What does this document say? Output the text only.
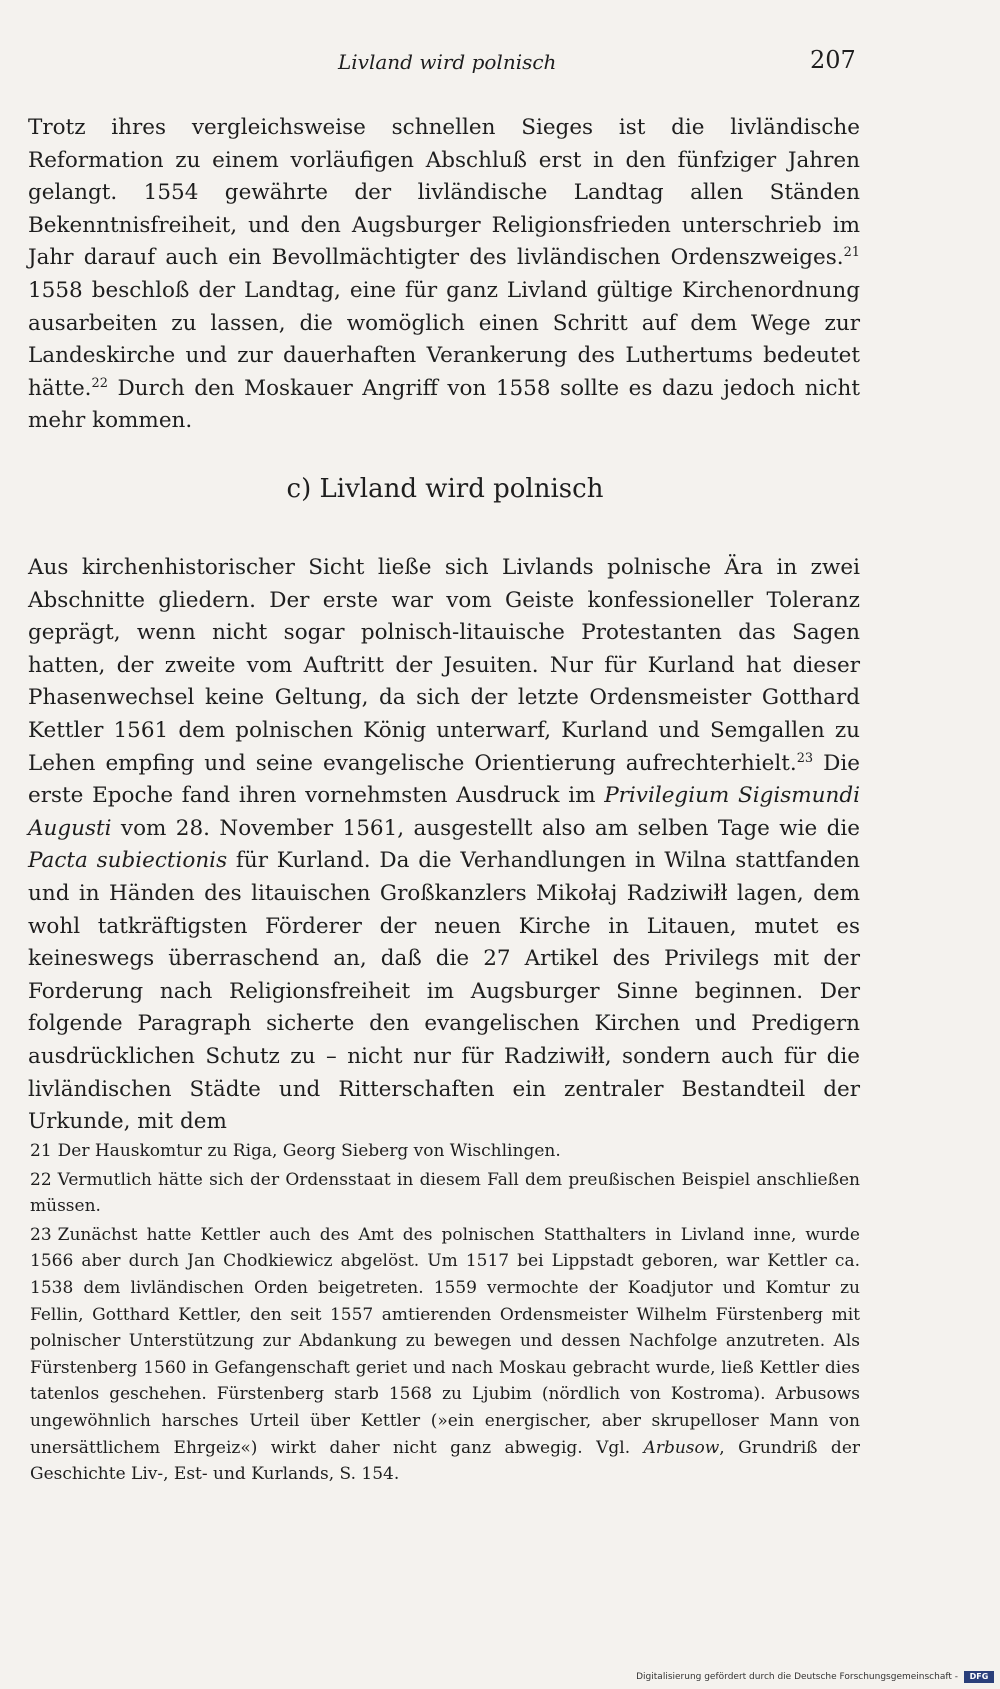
Livland wird polnisch	207

Trotz ihres vergleichsweise schnellen Sieges ist die livländische Reformation zu einem vorläufigen Abschluß erst in den fünfziger Jahren gelangt. 1554 gewährte der livländische Landtag allen Ständen Bekenntnisfreiheit, und den Augsburger Religionsfrieden unterschrieb im Jahr darauf auch ein Bevollmächtigter des livländischen Ordenszweiges.$^{21}$ 1558 beschloß der Landtag, eine für ganz Livland gültige Kirchenordnung ausarbeiten zu lassen, die womöglich einen Schritt auf dem Wege zur Landeskirche und zur dauerhaften Verankerung des Luthertums bedeutet hätte.$^{22}$ Durch den Moskauer Angriff von 1558 sollte es dazu jedoch nicht mehr kommen.

c) Livland wird polnisch

Aus kirchenhistorischer Sicht ließe sich Livlands polnische Ära in zwei Abschnitte gliedern. Der erste war vom Geiste konfessioneller Toleranz geprägt, wenn nicht sogar polnisch-litauische Protestanten das Sagen hatten, der zweite vom Auftritt der Jesuiten. Nur für Kurland hat dieser Phasenwechsel keine Geltung, da sich der letzte Ordensmeister Gotthard Kettler 1561 dem polnischen König unterwarf, Kurland und Semgallen zu Lehen empfing und seine evangelische Orientierung aufrechterhielt.$^{23}$ Die erste Epoche fand ihren vornehmsten Ausdruck im Privilegium Sigismundi Augusti vom 28. November 1561, ausgestellt also am selben Tage wie die Pacta subiectionis für Kurland. Da die Verhandlungen in Wilna stattfanden und in Händen des litauischen Großkanzlers Mikołaj Radziwiłł lagen, dem wohl tatkräftigsten Förderer der neuen Kirche in Litauen, mutet es keineswegs überraschend an, daß die 27 Artikel des Privilegs mit der Forderung nach Religionsfreiheit im Augsburger Sinne beginnen. Der folgende Paragraph sicherte den evangelischen Kirchen und Predigern ausdrücklichen Schutz zu – nicht nur für Radziwiłł, sondern auch für die livländischen Städte und Ritterschaften ein zentraler Bestandteil der Urkunde, mit dem

21 Der Hauskomtur zu Riga, Georg Sieberg von Wischlingen.

22 Vermutlich hätte sich der Ordensstaat in diesem Fall dem preußischen Beispiel anschließen müssen.

23 Zunächst hatte Kettler auch des Amt des polnischen Statthalters in Livland inne, wurde 1566 aber durch Jan Chodkiewicz abgelöst. Um 1517 bei Lippstadt geboren, war Kettler ca. 1538 dem livländischen Orden beigetreten. 1559 vermochte der Koadjutor und Komtur zu Fellin, Gotthard Kettler, den seit 1557 amtierenden Ordensmeister Wilhelm Fürstenberg mit polnischer Unterstützung zur Abdankung zu bewegen und dessen Nachfolge anzutreten. Als Fürstenberg 1560 in Gefangenschaft geriet und nach Moskau gebracht wurde, ließ Kettler dies tatenlos geschehen. Fürstenberg starb 1568 zu Ljubim (nördlich von Kostroma). Arbusows ungewöhnlich harsches Urteil über Kettler (»ein energischer, aber skrupelloser Mann von unersättlichem Ehrgeiz«) wirkt daher nicht ganz abwegig. Vgl. Arbusow, Grundriß der Geschichte Liv-, Est- und Kurlands, S. 154.

Digitalisierung gefördert durch die Deutsche Forschungsgemeinschaft -	DFG
